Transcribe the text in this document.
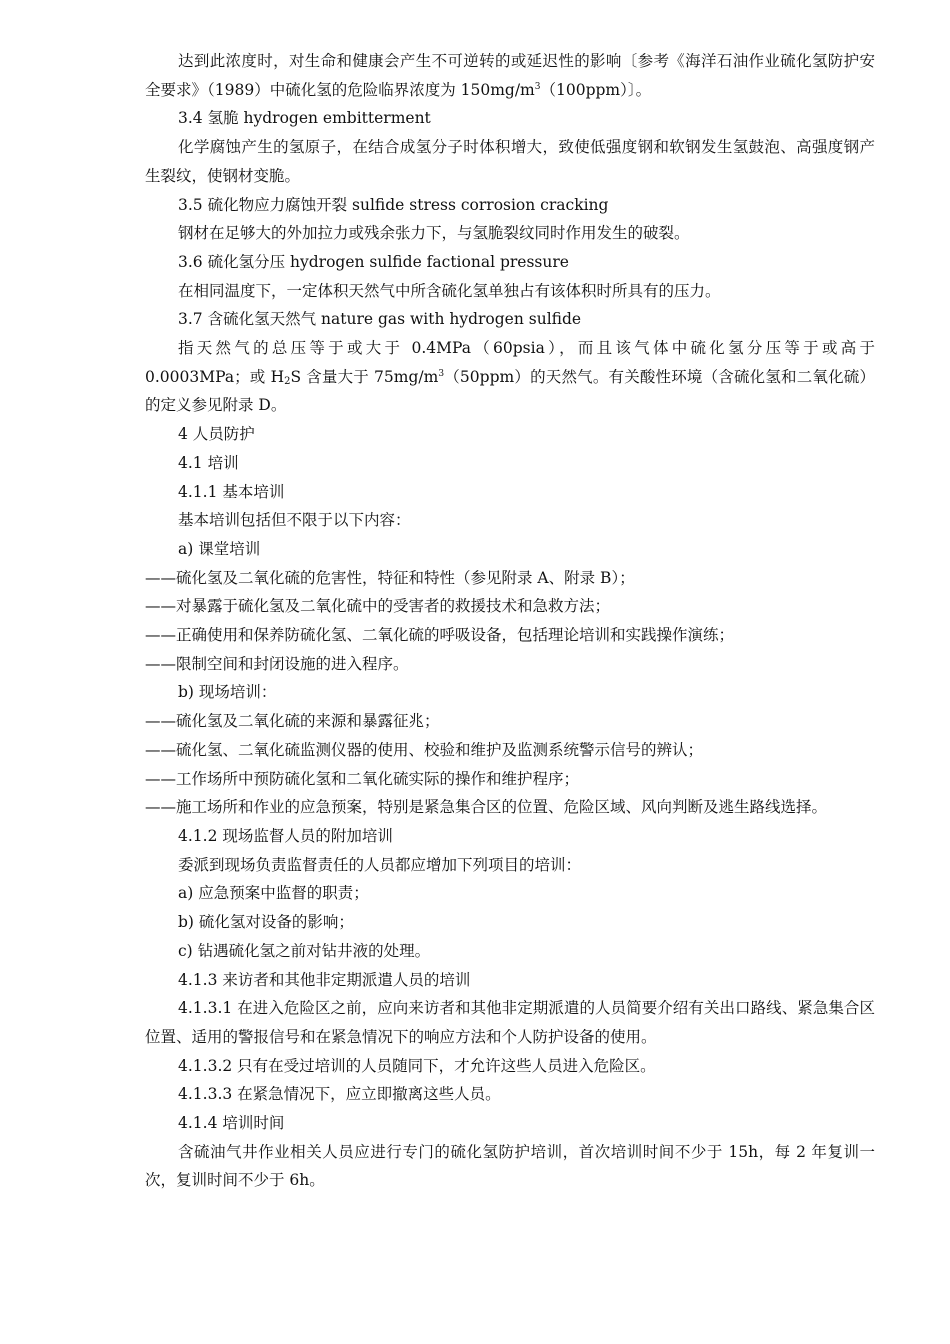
达到此浓度时，对生命和健康会产生不可逆转的或延迟性的影响〔参考《海洋石油作业硫化氢防护安全要求》（1989）中硫化氢的危险临界浓度为 $150mg/m^3(100ppm)$〕。

3.4 氢脆 hydrogen embitterment

化学腐蚀产生的氢原子，在结合成氢分子时体积增大，致使低强度钢和软钢发生氢鼓泡、高强度钢产生裂纹，使钢材变脆。

3.5 硫化物应力腐蚀开裂 sulfide stress corrosion cracking

钢材在足够大的外加拉力或残余张力下，与氢脆裂纹同时作用发生的破裂。

3.6 硫化氢分压 hydrogen sulfide factional pressure

在相同温度下，一定体积天然气中所含硫化氢单独占有该体积时所具有的压力。

3.7 含硫化氢天然气 nature gas with hydrogen sulfide

指天然气的总压等于或大于 0.4MPa（60psia），而且该气体中硫化氢分压等于或高于 0.0003MPa；或 $H_2S$ 含量大于 $75mg/m^3(50ppm)$的天然气。有关酸性环境（含硫化氢和二氧化硫）的定义参见附录 D。

4 人员防护

4.1 培训

4.1.1 基本培训

基本培训包括但不限于以下内容：

a) 课堂培训

——硫化氢及二氧化硫的危害性，特征和特性（参见附录 A、附录 B）；

——对暴露于硫化氢及二氧化硫中的受害者的救援技术和急救方法；

——正确使用和保养防硫化氢、二氧化硫的呼吸设备，包括理论培训和实践操作演练；

——限制空间和封闭设施的进入程序。

b) 现场培训：

——硫化氢及二氧化硫的来源和暴露征兆；

——硫化氢、二氧化硫监测仪器的使用、校验和维护及监测系统警示信号的辨认；

——工作场所中预防硫化氢和二氧化硫实际的操作和维护程序；

——施工场所和作业的应急预案，特别是紧急集合区的位置、危险区域、风向判断及逃生路线选择。

4.1.2 现场监督人员的附加培训

委派到现场负责监督责任的人员都应增加下列项目的培训：

a) 应急预案中监督的职责；

b) 硫化氢对设备的影响；

c) 钻遇硫化氢之前对钻井液的处理。

4.1.3 来访者和其他非定期派遣人员的培训

4.1.3.1 在进入危险区之前，应向来访者和其他非定期派遣的人员简要介绍有关出口路线、紧急集合区位置、适用的警报信号和在紧急情况下的响应方法和个人防护设备的使用。

4.1.3.2 只有在受过培训的人员随同下，才允许这些人员进入危险区。

4.1.3.3 在紧急情况下，应立即撤离这些人员。

4.1.4 培训时间

含硫油气井作业相关人员应进行专门的硫化氢防护培训，首次培训时间不少于 15h，每 2 年复训一次，复训时间不少于 6h。
